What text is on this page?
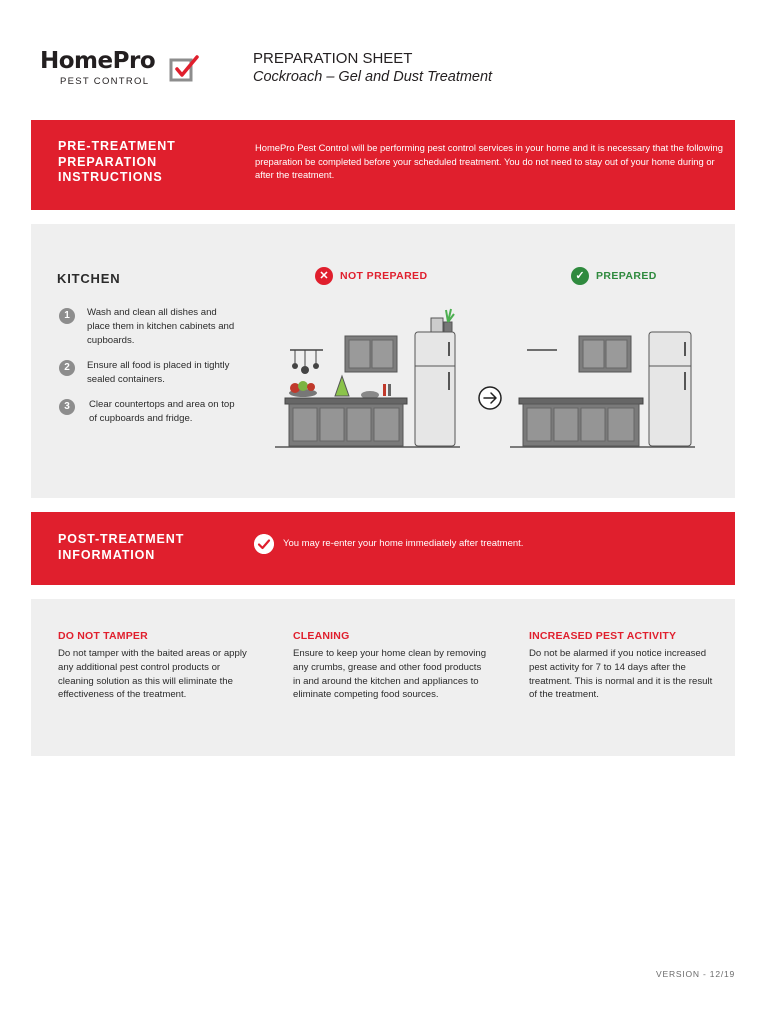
HomePro
PEST CONTROL
PREPARATION SHEET
Cockroach – Gel and Dust Treatment
PRE-TREATMENT PREPARATION INSTRUCTIONS
HomePro Pest Control will be performing pest control services in your home and it is necessary that the following preparation be completed before your scheduled treatment. You do not need to stay out of your home during or after the treatment.
KITCHEN
1	Wash and clean all dishes and place them in kitchen cabinets and cupboards.
2	Ensure all food is placed in tightly sealed containers.
3	Clear countertops and area on top of cupboards and fridge.
✕	NOT PREPARED	✓	PREPARED
POST-TREATMENT INFORMATION
You may re-enter your home immediately after treatment.
DO NOT TAMPER
Do not tamper with the baited areas or apply any additional pest control products or cleaning solution as this will eliminate the effectiveness of the treatment.
CLEANING
Ensure to keep your home clean by removing any crumbs, grease and other food products in and around the kitchen and appliances to eliminate competing food sources.
INCREASED PEST ACTIVITY
Do not be alarmed if you notice increased pest activity for 7 to 14 days after the treatment. This is normal and it is the result of the treatment.
VERSION - 12/19
